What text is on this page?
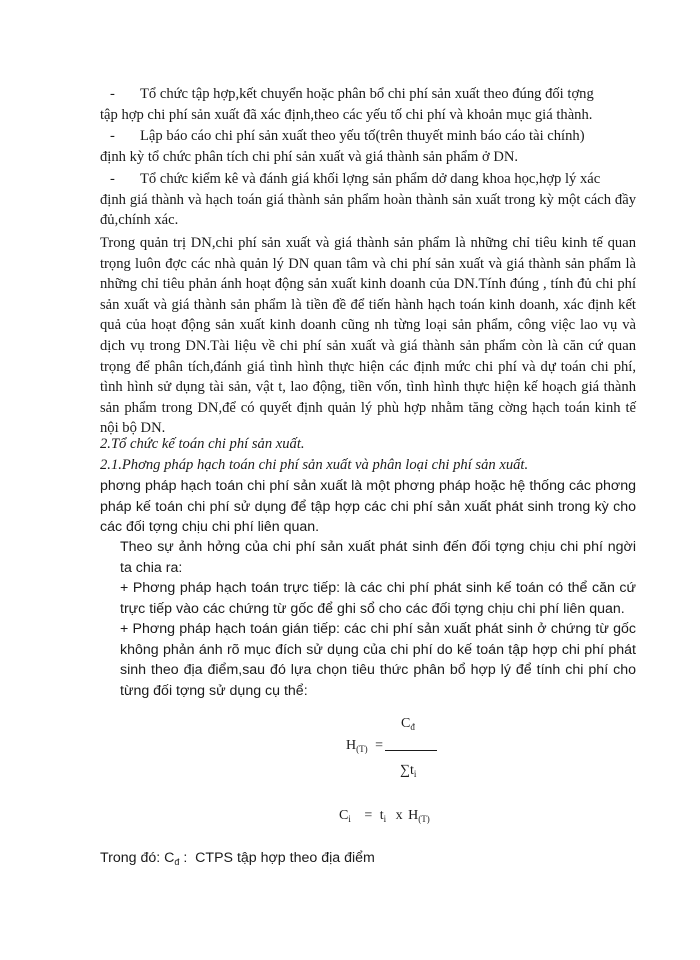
-	Tổ chức tập hợp,kết chuyển hoặc phân bổ chi phí sản xuất theo đúng đối tợng
tập hợp chi phí sản xuất đã xác định,theo các yếu tố chi phí và khoản mục giá thành.
-	Lập báo cáo chi phí sản xuất theo yếu tố(trên thuyết minh báo cáo tài chính)
định kỳ tổ chức phân tích chi phí sản xuất và giá thành sản phẩm ở DN.
-	Tổ chức kiểm kê và đánh giá khối lợng sản phẩm dở dang khoa học,hợp lý xác
định giá thành và hạch toán giá thành sản phẩm hoàn thành sản xuất trong kỳ một cách đầy đủ,chính xác.
Trong quản trị DN,chi phí sản xuất và giá thành sản phẩm là những chỉ tiêu kinh tế quan trọng luôn đợc các nhà quản lý DN quan tâm và chi phí sản xuất và giá thành sản phẩm là những chỉ tiêu phản ánh hoạt động sản xuất kinh doanh của DN.Tính đúng , tính đủ chi phí sản xuất và giá thành sản phẩm là tiền đề để tiến hành hạch toán kinh doanh, xác định kết quả của hoạt động sản xuất kinh doanh cũng nh từng loại sản phẩm, công việc lao vụ và dịch vụ trong DN.Tài liệu về chi phí sản xuất và giá thành sản phẩm còn là căn cứ quan trọng để phân tích,đánh giá tình hình thực hiện các định mức chi phí và dự toán chi phí, tình hình sử dụng tài sản, vật t, lao động, tiền vốn, tình hình thực hiện kế hoạch giá thành sản phẩm trong DN,để có quyết định quản lý phù hợp nhằm tăng cờng hạch toán kinh tế nội bộ DN.
2.Tổ chức kế toán chi phí sản xuất.
2.1.Phơng pháp hạch toán chi phí sản xuất và phân loại chi phí sản xuất.
phơng pháp hạch toán chi phí sản xuất là một phơng pháp hoặc hệ thống các phơng pháp kế toán chi phí sử dụng để tập hợp các chi phí sản xuất phát sinh trong kỳ cho các đối tợng chịu chi phí liên quan.
Theo sự ảnh hởng của chi phí sản xuất phát sinh đến đối tợng chịu chi phí ngời ta chia ra:
+ Phơng pháp hạch toán trực tiếp: là các chi phí phát sinh kế toán có thể căn cứ trực tiếp vào các chứng từ gốc để ghi sổ cho các đối tợng chịu chi phí liên quan.
+ Phơng pháp hạch toán gián tiếp: các chi phí sản xuất phát sinh ở chứng từ gốc không phản ánh rõ mục đích sử dụng của chi phí do kế toán tập hợp chi phí phát sinh theo địa điểm,sau đó lựa chọn tiêu thức phân bổ hợp lý để tính chi phí cho từng đối tợng sử dụng cụ thể:
$H_{(T)}$ =
$C_đ$
$\sum t_i$
$C_i = t_i$ x $H_{(T)}$
Trong đó: $C_đ$ :  CTPS tập hợp theo địa điểm
